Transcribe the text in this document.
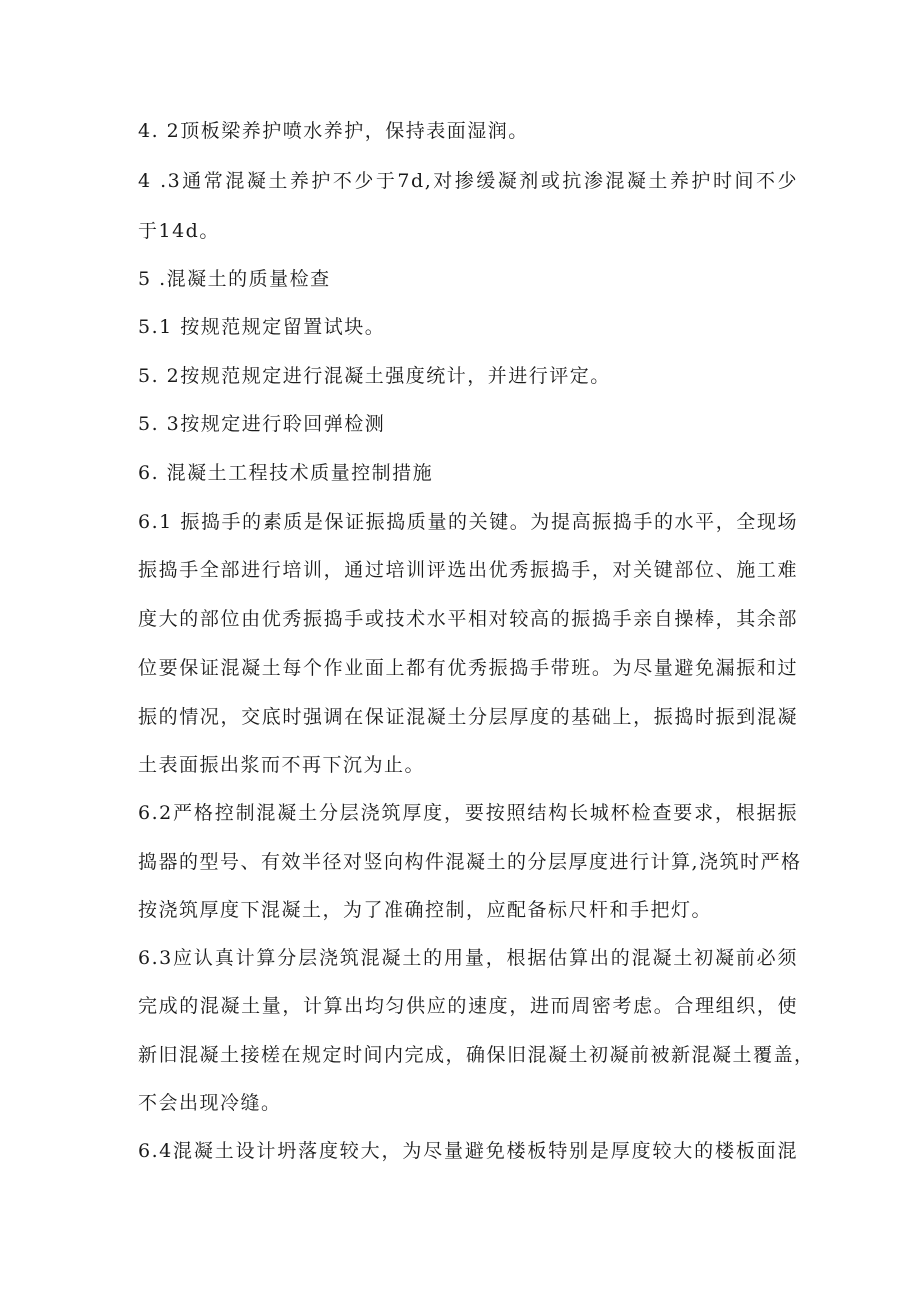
4. 2顶板梁养护喷水养护，保持表面湿润。
4 .3通常混凝土养护不少于7d,对掺缓凝剂或抗渗混凝土养护时间不少
于14d。
5 .混凝土的质量检查
5.1 按规范规定留置试块。
5. 2按规范规定进行混凝土强度统计，并进行评定。
5. 3按规定进行聆回弹检测
6. 混凝土工程技术质量控制措施
6.1 振捣手的素质是保证振捣质量的关键。为提高振捣手的水平，全现场
振捣手全部进行培训，通过培训评选出优秀振捣手，对关键部位、施工难
度大的部位由优秀振捣手或技术水平相对较高的振捣手亲自操棒，其余部
位要保证混凝土每个作业面上都有优秀振捣手带班。为尽量避免漏振和过
振的情况，交底时强调在保证混凝土分层厚度的基础上，振捣时振到混凝
土表面振出浆而不再下沉为止。
6.2严格控制混凝土分层浇筑厚度，要按照结构长城杯检查要求，根据振
捣器的型号、有效半径对竖向构件混凝土的分层厚度进行计算,浇筑时严格
按浇筑厚度下混凝土，为了准确控制，应配备标尺杆和手把灯。
6.3应认真计算分层浇筑混凝土的用量，根据估算出的混凝土初凝前必须
完成的混凝土量，计算出均匀供应的速度，进而周密考虑。合理组织，使
新旧混凝土接槎在规定时间内完成，确保旧混凝土初凝前被新混凝土覆盖，
不会出现冷缝。
6.4混凝土设计坍落度较大，为尽量避免楼板特别是厚度较大的楼板面混
